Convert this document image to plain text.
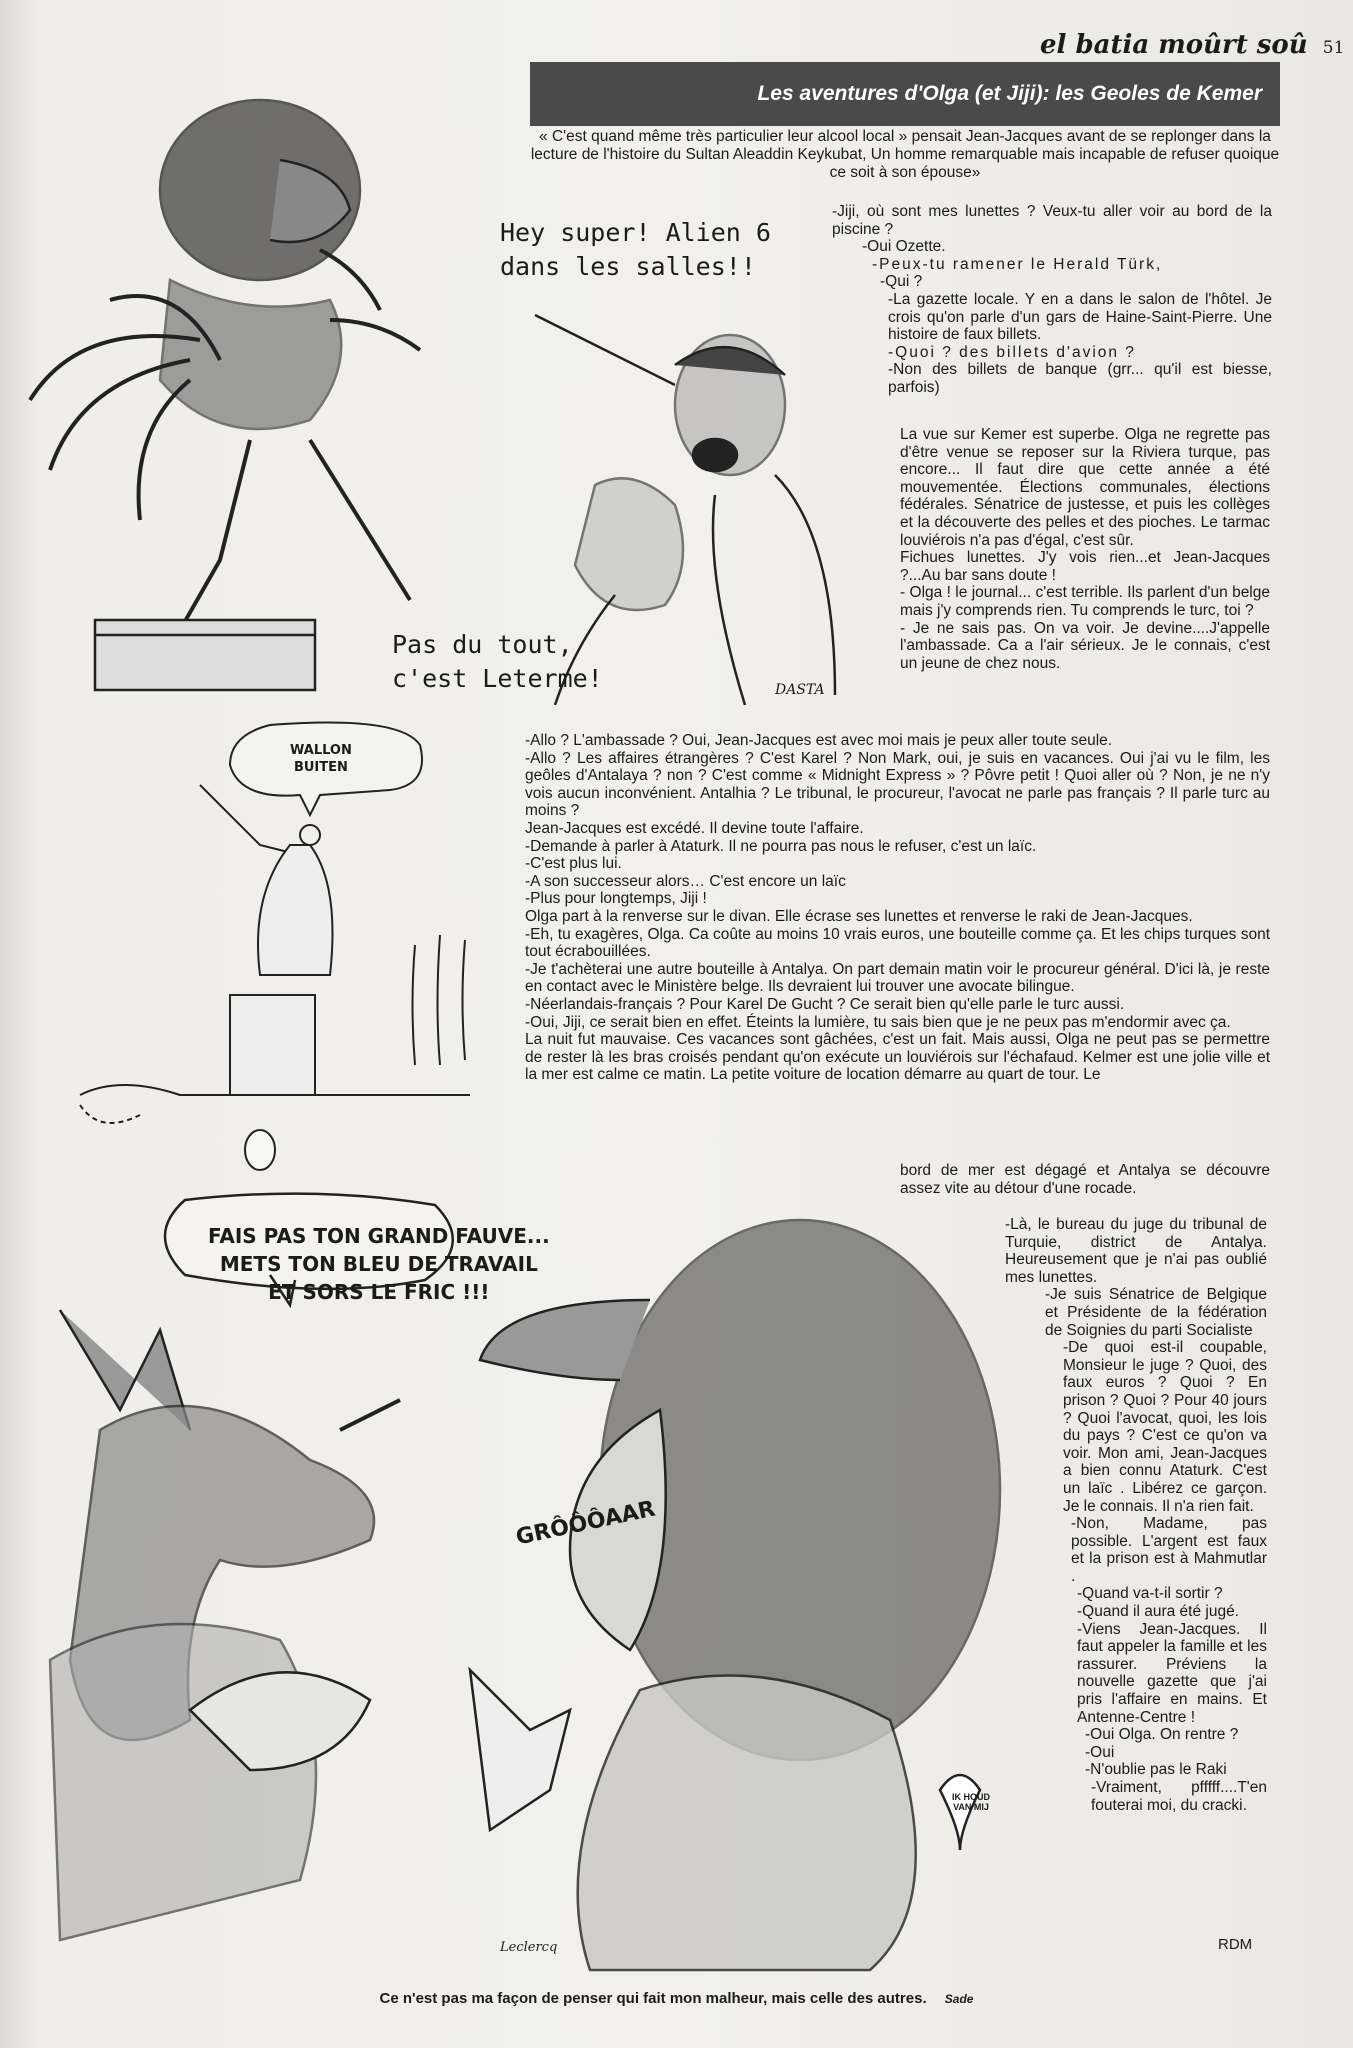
el batia moûrt soû 51
Les aventures d'Olga (et Jiji): les Geoles de Kemer
« C'est quand même très particulier leur alcool local » pensait Jean-Jacques avant de se replonger dans la lecture de l'histoire du Sultan Aleaddin Keykubat, Un homme remarquable mais incapable de refuser quoique ce soit à son épouse»
Hey super! Alien 6
dans les salles!!
Pas du tout,
c'est Leterme!	DASTA
WALLON
BUITEN

-Jiji, où sont mes lunettes ? Veux-tu aller voir au bord de la piscine ?

-Oui Ozette.

-Peux-tu ramener le Herald Türk,

-Qui ?

-La gazette locale. Y en a dans le salon de l'hôtel. Je crois qu'on parle d'un gars de Haine-Saint-Pierre. Une histoire de faux billets.

-Quoi ? des billets d'avion ?

-Non des billets de banque (grr... qu'il est biesse, parfois)

La vue sur Kemer est superbe. Olga ne regrette pas d'être venue se reposer sur la Riviera turque, pas encore... Il faut dire que cette année a été mouvementée. Élections communales, élections fédérales. Sénatrice de justesse, et puis les collèges et la découverte des pelles et des pioches. Le tarmac louviérois n'a pas d'égal, c'est sûr.

Fichues lunettes. J'y vois rien...et Jean-Jacques ?...Au bar sans doute !

- Olga ! le journal... c'est terrible. Ils parlent d'un belge mais j'y comprends rien. Tu comprends le turc, toi ?

- Je ne sais pas. On va voir. Je devine....J'appelle l'ambassade. Ca a l'air sérieux. Je le connais, c'est un jeune de chez nous.

-Allo ? L'ambassade ? Oui, Jean-Jacques est avec moi mais je peux aller toute seule.

-Allo ? Les affaires étrangères ? C'est Karel ? Non Mark, oui, je suis en vacances. Oui j'ai vu le film, les geôles d'Antalaya ? non ? C'est comme « Midnight Express » ? Pôvre petit ! Quoi aller où ? Non, je ne n'y vois aucun inconvénient. Antalhia ? Le tribunal, le procureur, l'avocat ne parle pas français ? Il parle turc au moins ?

Jean-Jacques est excédé. Il devine toute l'affaire.

-Demande à parler à Ataturk. Il ne pourra pas nous le refuser, c'est un laïc.

-C'est plus lui.

-A son successeur alors… C'est encore un laïc

-Plus pour longtemps, Jiji !

Olga part à la renverse sur le divan. Elle écrase ses lunettes et renverse le raki de Jean-Jacques.

-Eh, tu exagères, Olga. Ca coûte au moins 10 vrais euros, une bouteille comme ça. Et les chips turques sont tout écrabouillées.

-Je t'achèterai une autre bouteille à Antalya. On part demain matin voir le procureur général. D'ici là, je reste en contact avec le Ministère belge. Ils devraient lui trouver une avocate bilingue.

-Néerlandais-français ? Pour Karel De Gucht ? Ce serait bien qu'elle parle le turc aussi.

-Oui, Jiji, ce serait bien en effet. Éteints la lumière, tu sais bien que je ne peux pas m'endormir avec ça.

La nuit fut mauvaise. Ces vacances sont gâchées, c'est un fait. Mais aussi, Olga ne peut pas se permettre de rester là les bras croisés pendant qu'on exécute un louviérois sur l'échafaud. Kelmer est une jolie ville et la mer est calme ce matin. La petite voiture de location démarre au quart de tour. Le

bord de mer est dégagé et Antalya se découvre assez vite au détour d'une rocade.

-Là, le bureau du juge du tribunal de Turquie, district de Antalya. Heureusement que je n'ai pas oublié mes lunettes.

-Je suis Sénatrice de Belgique et Présidente de la fédération de Soignies du parti Socialiste

-De quoi est-il coupable, Monsieur le juge ? Quoi, des faux euros ? Quoi ? En prison ? Quoi ? Pour 40 jours ? Quoi l'avocat, quoi, les lois du pays ? C'est ce qu'on va voir. Mon ami, Jean-Jacques a bien connu Ataturk. C'est un laïc . Libérez ce garçon. Je le connais. Il n'a rien fait.

-Non, Madame, pas possible. L'argent est faux et la prison est à Mahmutlar .

-Quand va-t-il sortir ?

-Quand il aura été jugé.

-Viens Jean-Jacques. Il faut appeler la famille et les rassurer. Préviens la nouvelle gazette que j'ai pris l'affaire en mains. Et Antenne-Centre !

-Oui Olga. On rentre ?

-Oui

-N'oublie pas le Raki

-Vraiment, pfffff....T'en fouterai moi, du cracki.

FAIS PAS TON GRAND FAUVE...
METS TON BLEU DE TRAVAIL
ET SORS LE FRIC !!!
GRÔÔÔAAR
IK HOUD VAN MIJ
Leclercq	RDM
Ce n'est pas ma façon de penser qui fait mon malheur, mais celle des autres. Sade
